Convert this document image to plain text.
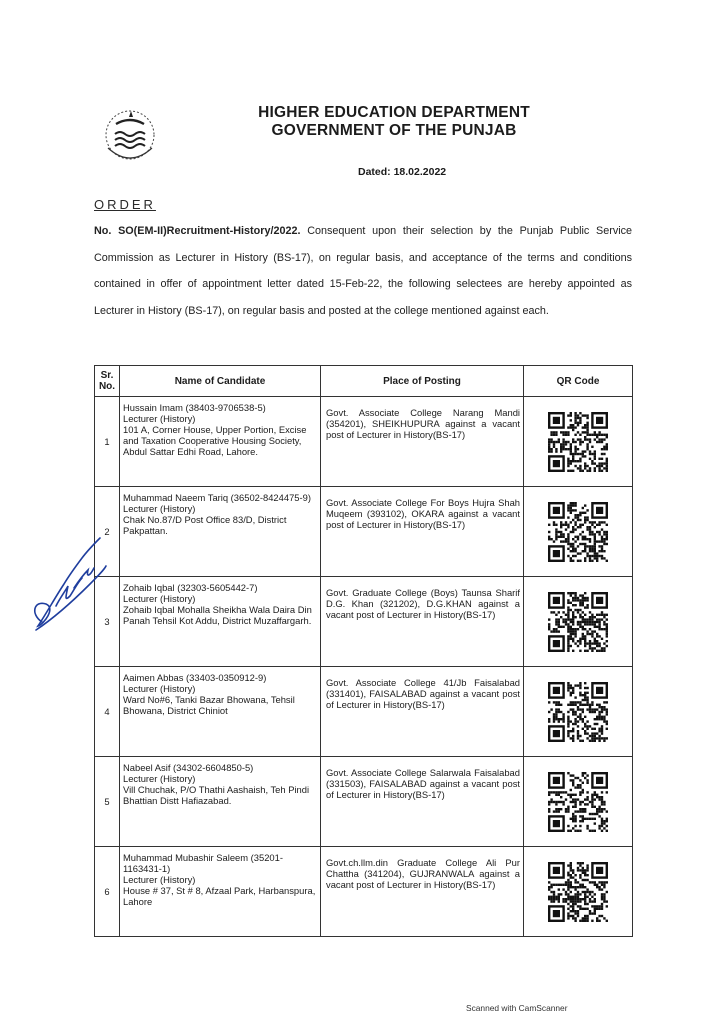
HIGHER EDUCATION DEPARTMENT
GOVERNMENT OF THE PUNJAB
Dated: 18.02.2022
ORDER
No. SO(EM-II)Recruitment-History/2022. Consequent upon their selection by the Punjab Public Service Commission as Lecturer in History (BS-17), on regular basis, and acceptance of the terms and conditions contained in offer of appointment letter dated 15-Feb-22, the following selectees are hereby appointed as Lecturer in History (BS-17), on regular basis and posted at the college mentioned against each.
Sr. No.	Name of Candidate	Place of Posting	QR Code
1	Hussain Imam (38403-9706538-5)
Lecturer (History)
101 A, Corner House, Upper Portion, Excise and Taxation Cooperative Housing Society, Abdul Sattar Edhi Road, Lahore.	Govt. Associate College Narang Mandi (354201), SHEIKHUPURA against a vacant post of Lecturer in History(BS-17)	

2	Muhammad Naeem Tariq (36502-8424475-9)
Lecturer (History)
Chak No.87/D Post Office 83/D, District Pakpattan.	Govt. Associate College For Boys Hujra Shah Muqeem (393102), OKARA against a vacant post of Lecturer in History(BS-17)	

3	Zohaib Iqbal (32303-5605442-7)
Lecturer (History)
Zohaib Iqbal Mohalla Sheikha Wala Daira Din Panah Tehsil Kot Addu, District Muzaffargarh.	Govt. Graduate College (Boys) Taunsa Sharif D.G. Khan (321202), D.G.KHAN against a vacant post of Lecturer in History(BS-17)	

4	Aaimen Abbas (33403-0350912-9)
Lecturer (History)
Ward No#6, Tanki Bazar Bhowana, Tehsil Bhowana, District Chiniot	Govt. Associate College 41/Jb Faisalabad (331401), FAISALABAD against a vacant post of Lecturer in History(BS-17)	

5	Nabeel Asif (34302-6604850-5)
Lecturer (History)
Vill Chuchak, P/O Thathi Aashaish, Teh Pindi Bhattian Distt Hafiazabad.	Govt. Associate College Salarwala Faisalabad (331503), FAISALABAD against a vacant post of Lecturer in History(BS-17)	

6	Muhammad Mubashir Saleem (35201-1163431-1)
Lecturer (History)
House # 37, St # 8, Afzaal Park, Harbanspura, Lahore	Govt.ch.llm.din Graduate College Ali Pur Chattha (341204), GUJRANWALA against a vacant post of Lecturer in History(BS-17)	
Scanned with CamScanner
